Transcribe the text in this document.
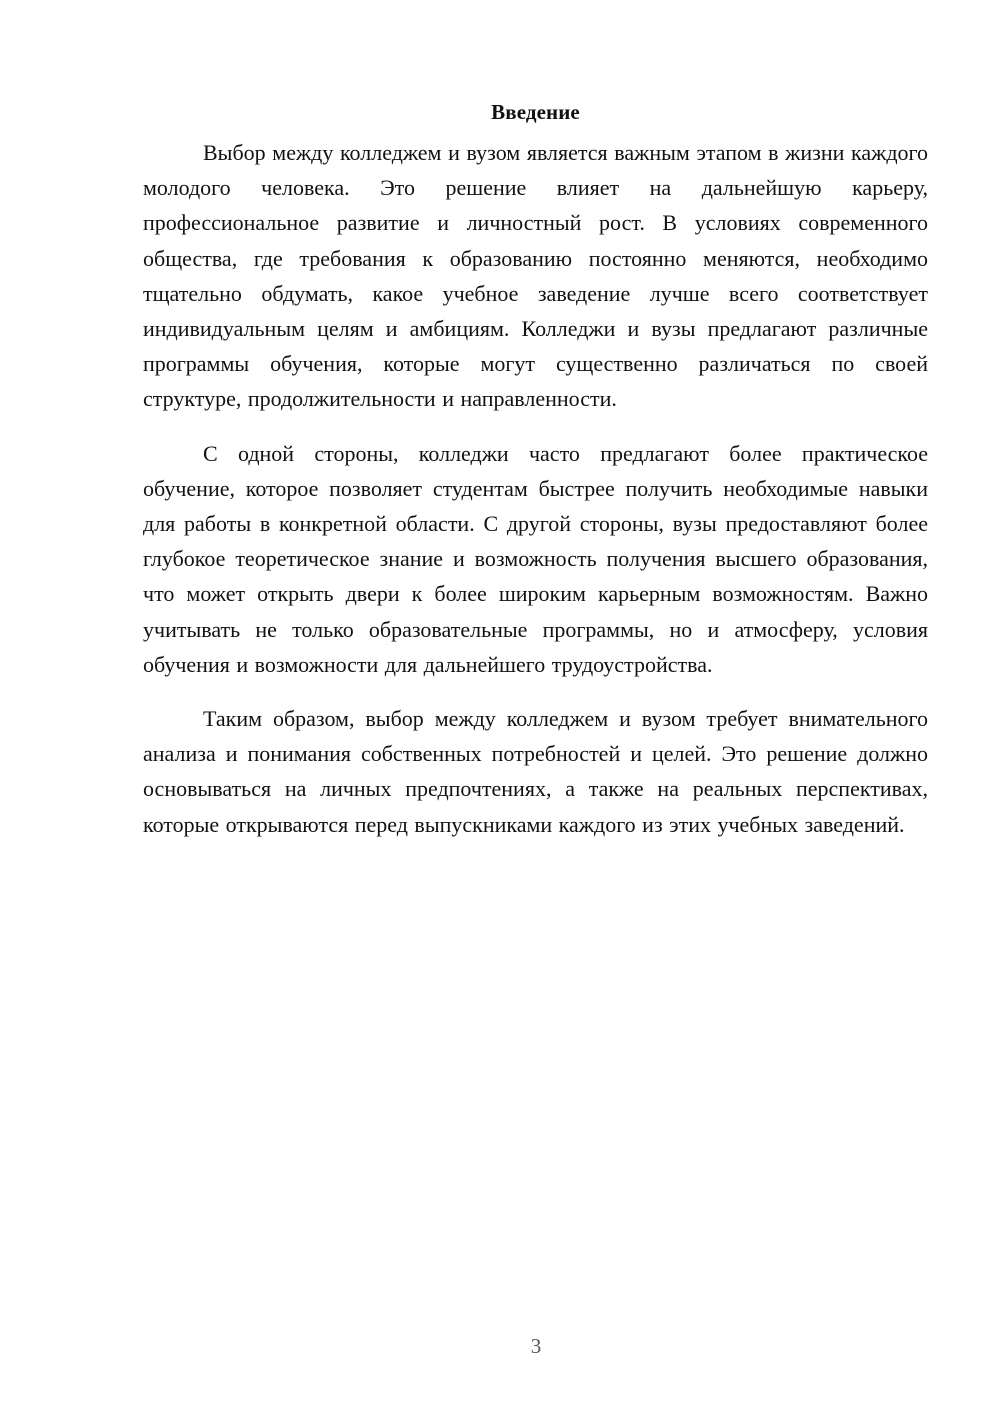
Введение

Выбор между колледжем и вузом является важным этапом в жизни каждого молодого человека. Это решение влияет на дальнейшую карьеру, профессиональное развитие и личностный рост. В условиях современного общества, где требования к образованию постоянно меняются, необходимо тщательно обдумать, какое учебное заведение лучше всего соответствует индивидуальным целям и амбициям. Колледжи и вузы предлагают различные программы обучения, которые могут существенно различаться по своей структуре, продолжительности и направленности.

С одной стороны, колледжи часто предлагают более практическое обучение, которое позволяет студентам быстрее получить необходимые навыки для работы в конкретной области. С другой стороны, вузы предоставляют более глубокое теоретическое знание и возможность получения высшего образования, что может открыть двери к более широким карьерным возможностям. Важно учитывать не только образовательные программы, но и атмосферу, условия обучения и возможности для дальнейшего трудоустройства.

Таким образом, выбор между колледжем и вузом требует внимательного анализа и понимания собственных потребностей и целей. Это решение должно основываться на личных предпочтениях, а также на реальных перспективах, которые открываются перед выпускниками каждого из этих учебных заведений.

3
